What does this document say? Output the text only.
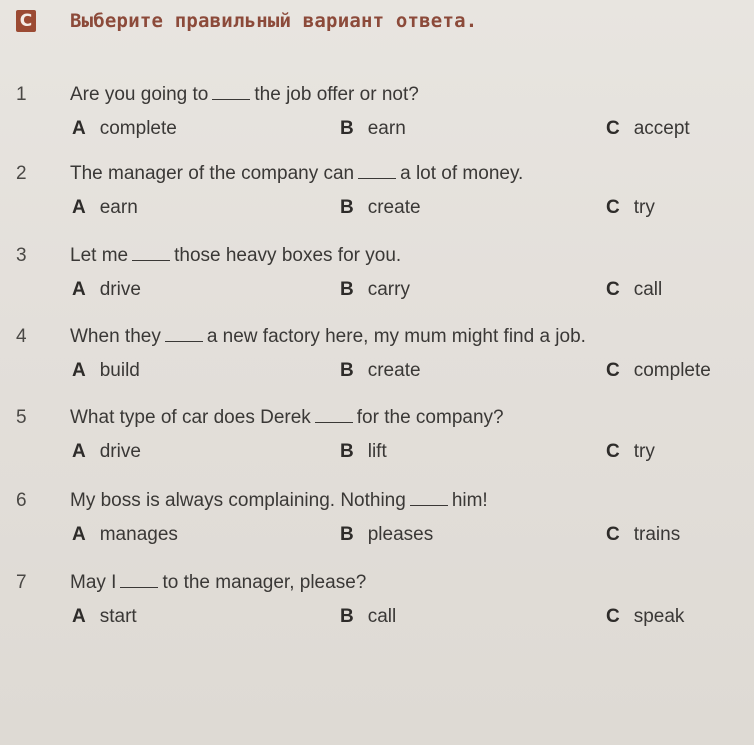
C Выберите правильный вариант ответа.
1 Are you going to the job offer or not?
A complete	B earn	C accept
2 The manager of the company can a lot of money.
A earn	B create	C try
3 Let me those heavy boxes for you.
A drive	B carry	C call
4 When they a new factory here, my mum might find a job.
A build	B create	C complete
5 What type of car does Derek for the company?
A drive	B lift	C try
6 My boss is always complaining. Nothing him!
A manages	B pleases	C trains
7 May I to the manager, please?
A start	B call	C speak
